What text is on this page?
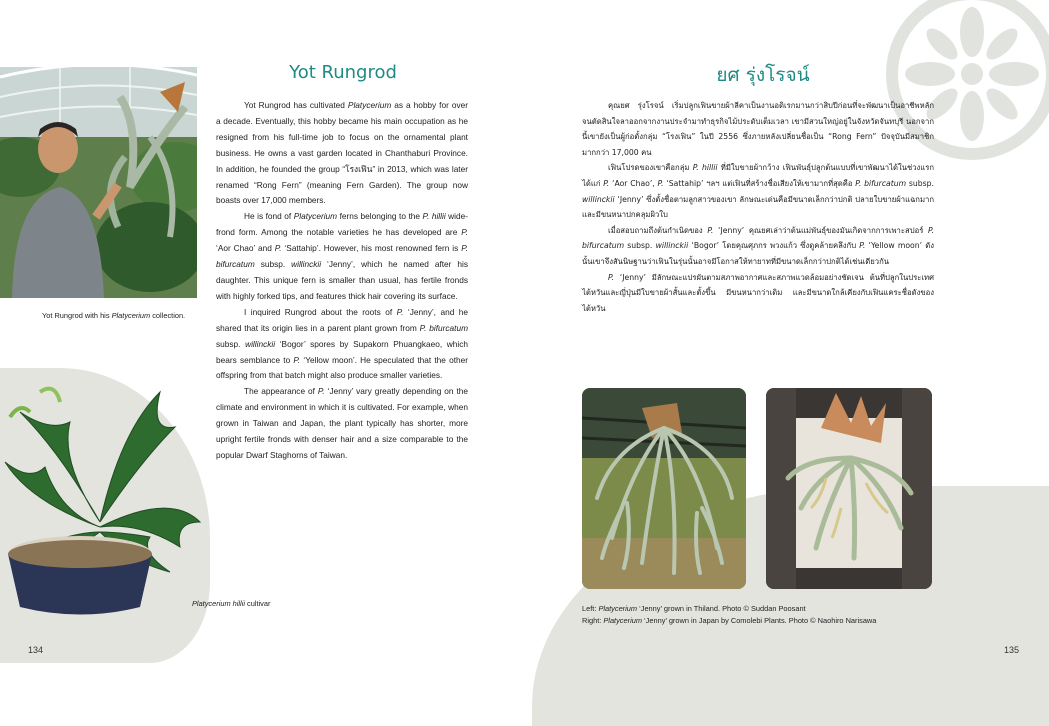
Yot Rungrod with his Platycerium collection.
Platycerium hillii cultivar
Yot Rungrod

Yot Rungrod has cultivated Platycerium as a hobby for over a decade. Eventually, this hobby became his main occupation as he resigned from his full-time job to focus on the ornamental plant business. He owns a vast garden located in Chanthaburi Province. In addition, he founded the group “โรงเฟิน” in 2013, which was later renamed “Rong Fern” (meaning Fern Garden). The group now boasts over 17,000 members.

He is fond of Platycerium ferns belonging to the P. hillii wide-frond form. Among the notable varieties he has developed are P. ‘Aor Chao’ and P. ‘Sattahip’. However, his most renowned fern is P. bifurcatum subsp. willinckii ‘Jenny’, which he named after his daughter. This unique fern is smaller than usual, has fertile fronds with highly forked tips, and features thick hair covering its surface.

I inquired Rungrod about the roots of P. ‘Jenny’, and he shared that its origin lies in a parent plant grown from P. bifurcatum subsp. willinckii ‘Bogor’ spores by Supakorn Phuangkaeo, which bears semblance to P. ‘Yellow moon’. He speculated that the other offspring from that batch might also produce smaller varieties.

The appearance of P. ‘Jenny’ vary greatly depending on the climate and environment in which it is cultivated. For example, when grown in Taiwan and Japan, the plant typically has shorter, more upright fertile fronds with denser hair and a size comparable to the popular Dwarf Staghorns of Taiwan.

ยศ รุ่งโรจน์

คุณยศ รุ่งโรจน์ เริ่มปลูกเฟินขายผ้าลีคาเป็นงานอดิเรกมานกว่าสิบปีก่อนที่จะพัฒนาเป็นอาชีพหลัก จนตัดสินใจลาออกจากงานประจำมาทำธุรกิจไม้ประดับเต็มเวลา เขามีสวนใหญ่อยู่ในจังหวัดจันทบุรี นอกจากนี้เขายังเป็นผู้ก่อตั้งกลุ่ม “โรงเฟิน” ในปี 2556 ซึ่งภายหลังเปลี่ยนชื่อเป็น “Rong Fern” ปัจจุบันมีสมาชิกมากกว่า 17,000 คน

เฟินโปรดของเขาคือกลุ่ม P. hillii ที่มีใบขายผ้ากว้าง เฟินพันธุ์ปลูกต้นแบบที่เขาพัฒนาได้ในช่วงแรก ได้แก่ P. ‘Aor Chao’, P. ‘Sattahip’ ฯลฯ แต่เฟินที่สร้างชื่อเสียงให้เขามากที่สุดคือ P. bifurcatum subsp. willinckii ‘Jenny’ ซึ่งตั้งชื่อตามลูกสาวของเขา ลักษณะเด่นคือมีขนาดเล็กกว่าปกติ ปลายใบขายผ้าแฉกมาก และมีขนหนาปกคลุมผิวใบ

เมื่อสอบถามถึงต้นกำเนิดของ P. ‘Jenny’ คุณยศเล่าว่าต้นแม่พันธุ์ของมันเกิดจากการเพาะสปอร์ P. bifurcatum subsp. willinckii ‘Bogor’ โดยคุณศุภกร พวงแก้ว ซึ่งดูคล้ายคลึงกับ P. ‘Yellow moon’ ดังนั้นเขาจึงสันนิษฐานว่าเฟินในรุ่นนั้นอาจมีโอกาสให้ทายาทที่มีขนาดเล็กกว่าปกติได้เช่นเดียวกัน

P. ‘Jenny’ มีลักษณะแปรผันตามสภาพอากาศและสภาพแวดล้อมอย่างชัดเจน ต้นที่ปลูกในประเทศไต้หวันและญี่ปุ่นมีใบขายผ้าสั้นและตั้งขึ้น มีขนหนากว่าเดิม และมีขนาดใกล้เคียงกับเฟินแคระชื่อดังของไต้หวัน

Left: Platycerium ‘Jenny’ grown in Thiland. Photo © Suddan Poosant
Right: Platycerium ‘Jenny’ grown in Japan by Comolebi Plants. Photo © Naohiro Narisawa
134	135
